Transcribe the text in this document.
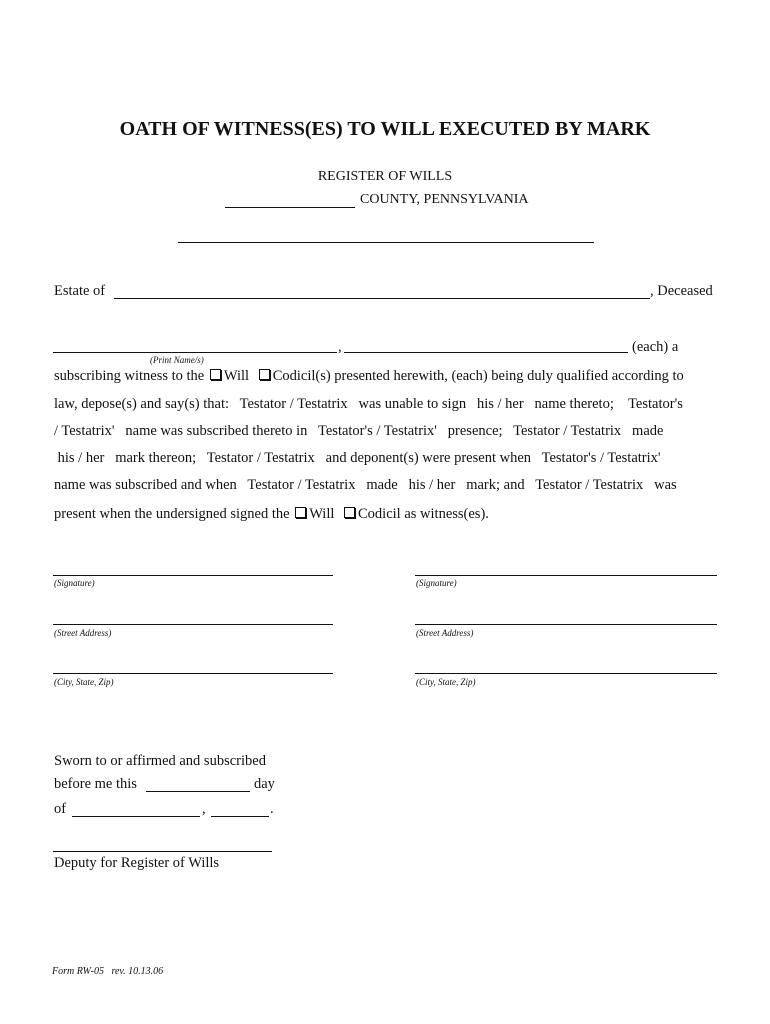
OATH OF WITNESS(ES) TO WILL EXECUTED BY MARK
REGISTER OF WILLS
COUNTY, PENNSYLVANIA
Estate of	, Deceased
,	(each) a
(Print Name/s)
subscribing witness to the Will Codicil(s) presented herewith, (each) being duly qualified according to
law, depose(s) and say(s) that:   Testator / Testatrix   was unable to sign   his / her   name thereto;    Testator's
/ Testatrix'   name was subscribed thereto in   Testator's / Testatrix'   presence;   Testator / Testatrix   made
his / her   mark thereon;   Testator / Testatrix   and deponent(s) were present when   Testator's / Testatrix'
name was subscribed and when   Testator / Testatrix   made   his / her   mark; and   Testator / Testatrix   was
present when the undersigned signed the Will Codicil as witness(es).
(Signature)
(Street Address)
(City, State, Zip)
(Signature)
(Street Address)
(City, State, Zip)
Sworn to or affirmed and subscribed
before me this	day
of	,	.
Deputy for Register of Wills
Form RW-05   rev. 10.13.06
